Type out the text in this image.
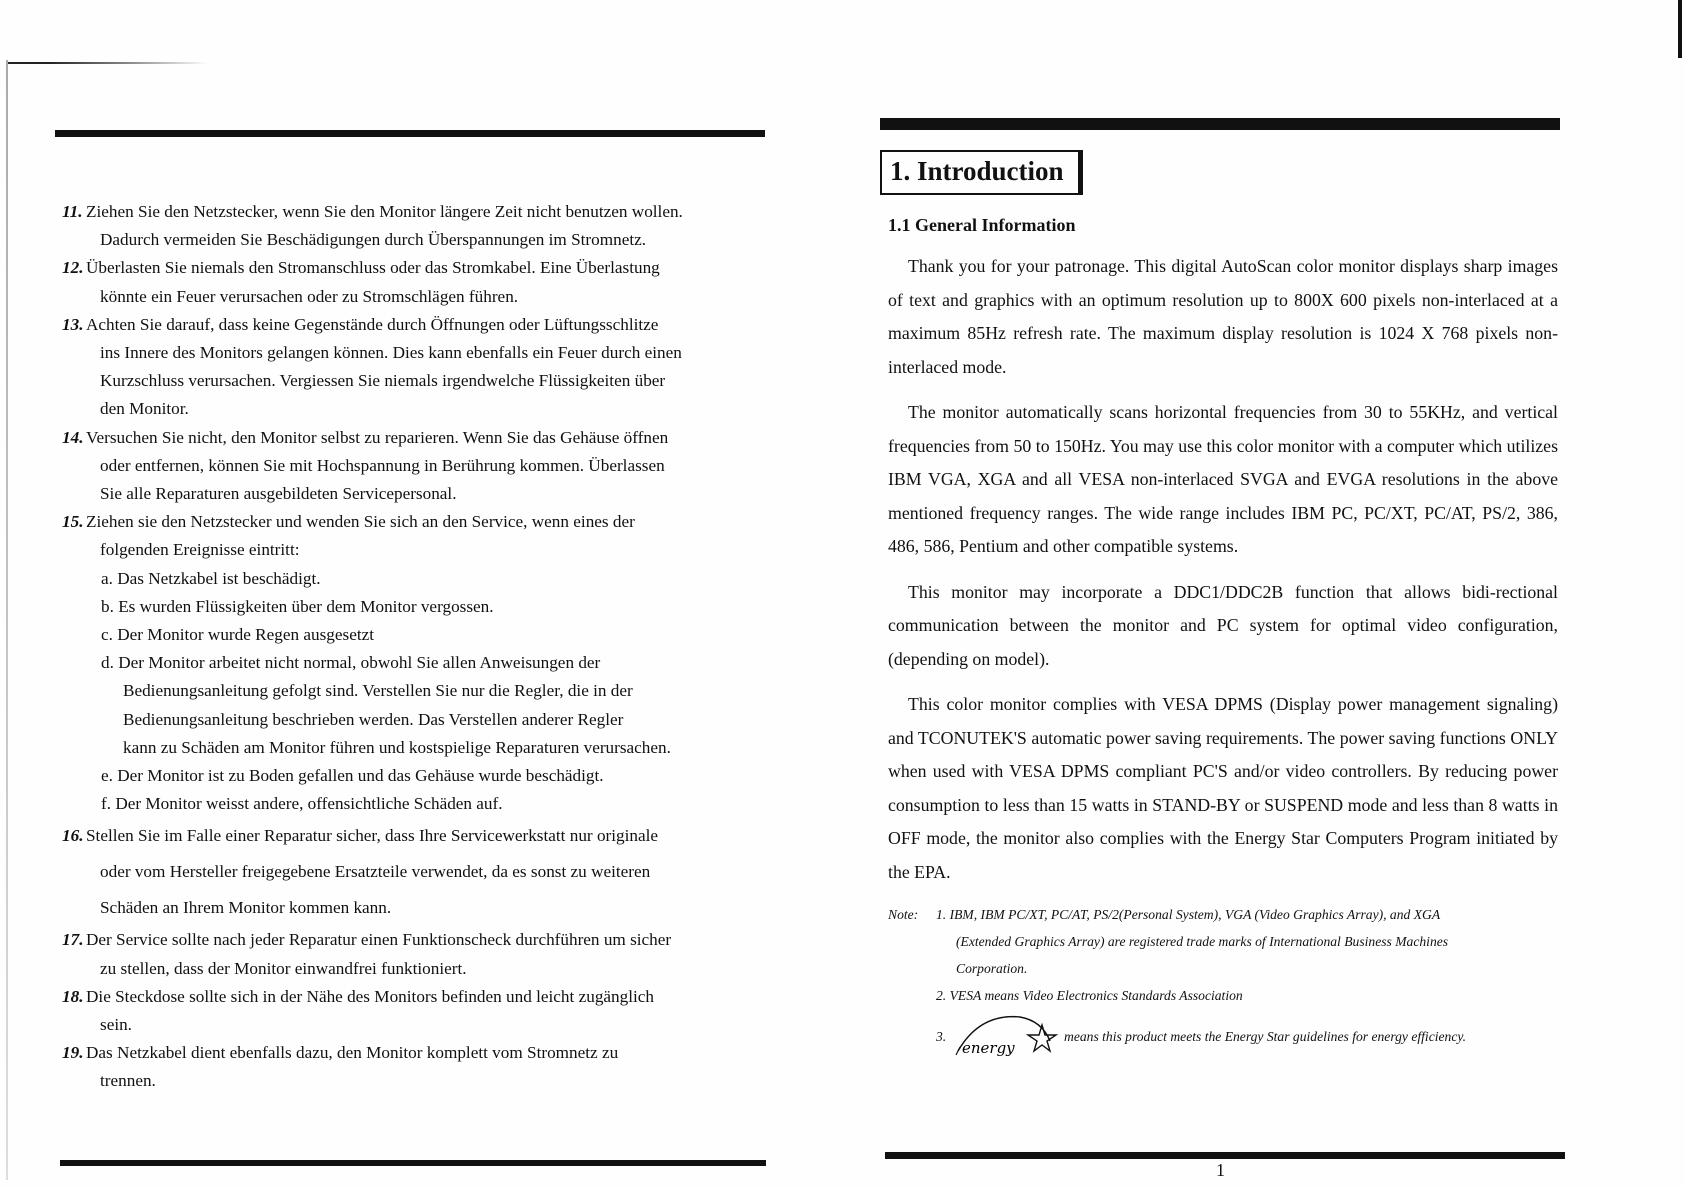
11. Ziehen Sie den Netzstecker, wenn Sie den Monitor längere Zeit nicht benutzen wollen.
Dadurch vermeiden Sie Beschädigungen durch Überspannungen im Stromnetz.

12. Überlasten Sie niemals den Stromanschluss oder das Stromkabel. Eine Überlastung
könnte ein Feuer verursachen oder zu Stromschlägen führen.

13. Achten Sie darauf, dass keine Gegenstände durch Öffnungen oder Lüftungsschlitze
ins Innere des Monitors gelangen können. Dies kann ebenfalls ein Feuer durch einen
Kurzschluss verursachen. Vergiessen Sie niemals irgendwelche Flüssigkeiten über
den Monitor.

14. Versuchen Sie nicht, den Monitor selbst zu reparieren. Wenn Sie das Gehäuse öffnen
oder entfernen, können Sie mit Hochspannung in Berührung kommen. Überlassen
Sie alle Reparaturen ausgebildeten Servicepersonal.

15. Ziehen sie den Netzstecker und wenden Sie sich an den Service, wenn eines der
folgenden Ereignisse eintritt:

a. Das Netzkabel ist beschädigt.

b. Es wurden Flüssigkeiten über dem Monitor vergossen.

c. Der Monitor wurde Regen ausgesetzt

d. Der Monitor arbeitet nicht normal, obwohl Sie allen Anweisungen der
Bedienungsanleitung gefolgt sind. Verstellen Sie nur die Regler, die in der
Bedienungsanleitung beschrieben werden. Das Verstellen anderer Regler
kann zu Schäden am Monitor führen und kostspielige Reparaturen verursachen.

e. Der Monitor ist zu Boden gefallen und das Gehäuse wurde beschädigt.

f. Der Monitor weisst andere, offensichtliche Schäden auf.

16. Stellen Sie im Falle einer Reparatur sicher, dass Ihre Servicewerkstatt nur originale
oder vom Hersteller freigegebene Ersatzteile verwendet, da es sonst zu weiteren
Schäden an Ihrem Monitor kommen kann.

17. Der Service sollte nach jeder Reparatur einen Funktionscheck durchführen um sicher
zu stellen, dass der Monitor einwandfrei funktioniert.

18. Die Steckdose sollte sich in der Nähe des Monitors befinden und leicht zugänglich
sein.

19. Das Netzkabel dient ebenfalls dazu, den Monitor komplett vom Stromnetz zu
trennen.

1. Introduction
1.1 General Information

Thank you for your patronage. This digital AutoScan color monitor displays sharp images of text and graphics with an optimum resolution up to 800X 600 pixels non-interlaced at a maximum 85Hz refresh rate. The maximum display resolution is 1024 X 768 pixels non-interlaced mode.

The monitor automatically scans horizontal frequencies from 30 to 55KHz, and vertical frequencies from 50 to 150Hz. You may use this color monitor with a computer which utilizes IBM VGA, XGA and all VESA non-interlaced SVGA and EVGA resolutions in the above mentioned frequency ranges. The wide range includes IBM PC, PC/XT, PC/AT, PS/2, 386, 486, 586, Pentium and other compatible systems.

This monitor may incorporate a DDC1/DDC2B function that allows bidi-rectional communication between the monitor and PC system for optimal video configuration, (depending on model).

This color monitor complies with VESA DPMS (Display power management signaling) and TCONUTEK'S automatic power saving requirements. The power saving functions ONLY when used with VESA DPMS compliant PC'S and/or video controllers. By reducing power consumption to less than 15 watts in STAND-BY or SUSPEND mode and less than 8 watts in OFF mode, the monitor also complies with the Energy Star Computers Program initiated by the EPA.

Note:	1. IBM, IBM PC/XT, PC/AT, PS/2(Personal System), VGA (Video Graphics Array), and XGA
(Extended Graphics Array) are registered trade marks of International Business Machines
Corporation.
2. VESA means Video Electronics Standards Association
3.
energy
means this product meets the Energy Star guidelines for energy efficiency.
1
